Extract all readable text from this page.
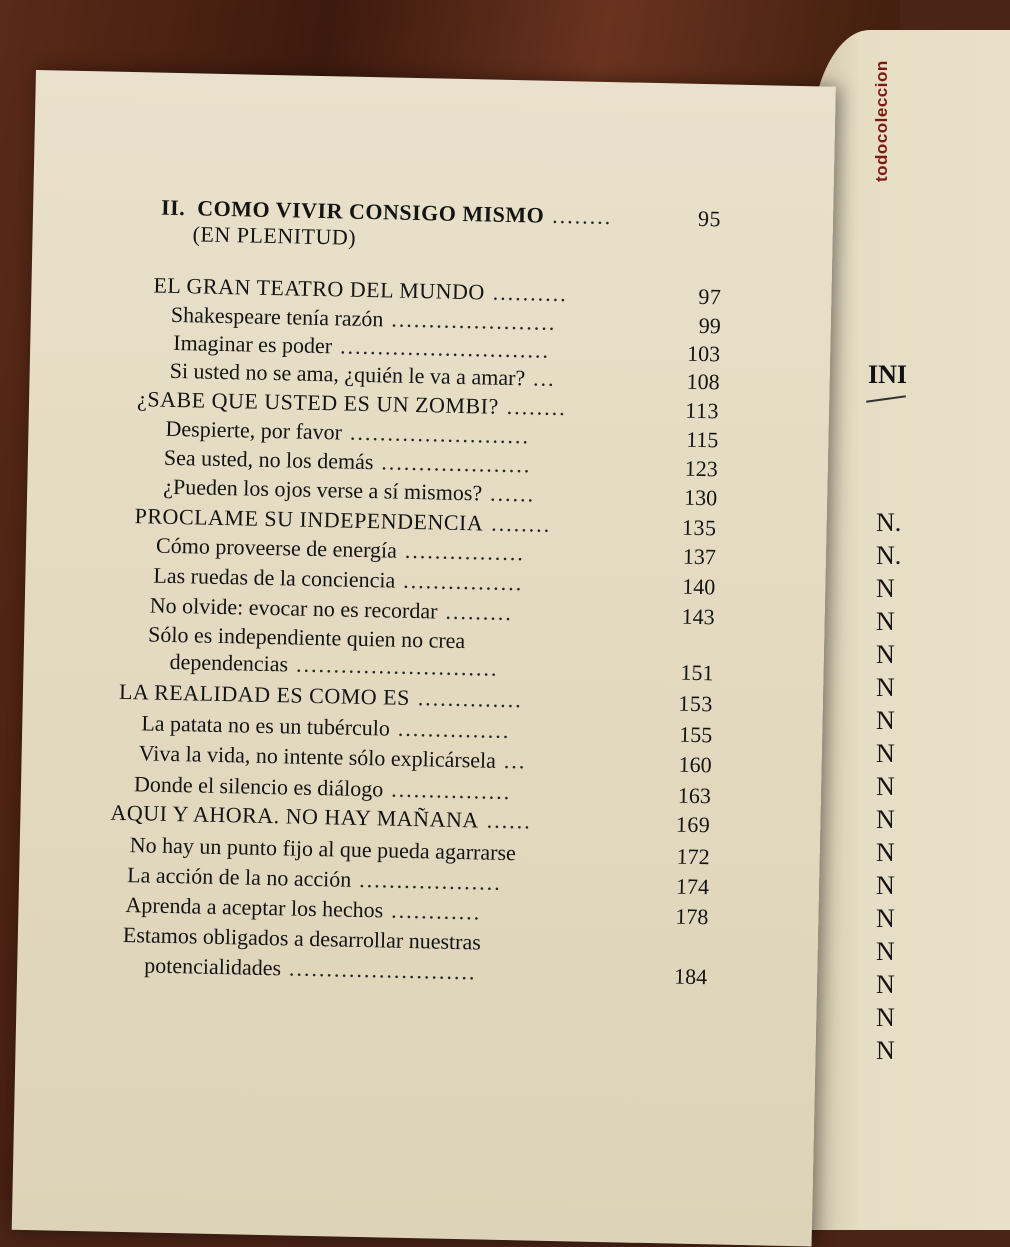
todocoleccion
INI
N.
N.
N
N
N
N
N
N
N
N
N
N
N
N
N
N
N
II. COMO VIVIR CONSIGO MISMO ........	95
(EN PLENITUD)
EL GRAN TEATRO DEL MUNDO ..........	97
Shakespeare tenía razón ......................	99
Imaginar es poder ............................	103
Si usted no se ama, ¿quién le va a amar? ...	108
¿SABE QUE USTED ES UN ZOMBI? ........	113
Despierte, por favor ........................	115
Sea usted, no los demás ....................	123
¿Pueden los ojos verse a sí mismos? ......	130
PROCLAME SU INDEPENDENCIA ........	135
Cómo proveerse de energía ................	137
Las ruedas de la conciencia ................	140
No olvide: evocar no es recordar .........	143
Sólo es independiente quien no crea
dependencias ...........................	151
LA REALIDAD ES COMO ES ..............	153
La patata no es un tubérculo ...............	155
Viva la vida, no intente sólo explicársela ...	160
Donde el silencio es diálogo ................	163
AQUI Y AHORA. NO HAY MAÑANA ......	169
No hay un punto fijo al que pueda agarrarse	172
La acción de la no acción ...................	174
Aprenda a aceptar los hechos ............	178
Estamos obligados a desarrollar nuestras
potencialidades .........................	184
